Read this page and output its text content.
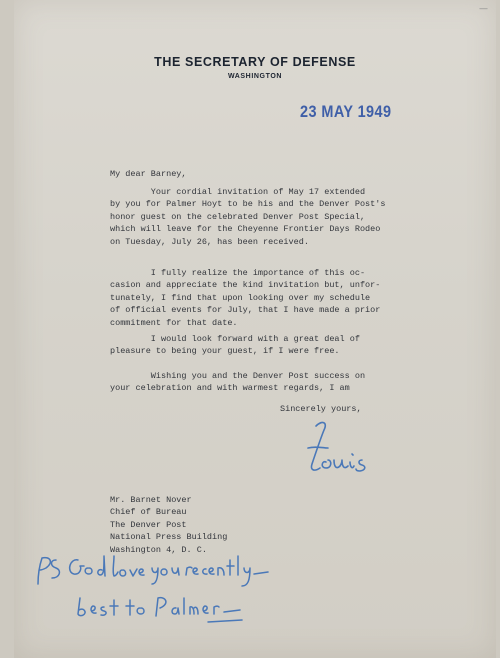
—
THE SECRETARY OF DEFENSE
WASHINGTON
23 MAY 1949
My dear Barney,
Your cordial invitation of May 17 extended
by you for Palmer Hoyt to be his and the Denver Post's
honor guest on the celebrated Denver Post Special,
which will leave for the Cheyenne Frontier Days Rodeo
on Tuesday, July 26, has been received.
I fully realize the importance of this oc-
casion and appreciate the kind invitation but, unfor-
tunately, I find that upon looking over my schedule
of official events for July, that I have made a prior
commitment for that date.
I would look forward with a great deal of
pleasure to being your guest, if I were free.
Wishing you and the Denver Post success on
your celebration and with warmest regards, I am
Sincerely yours,
Mr. Barnet Nover
Chief of Bureau
The Denver Post
National Press Building
Washington 4, D. C.
